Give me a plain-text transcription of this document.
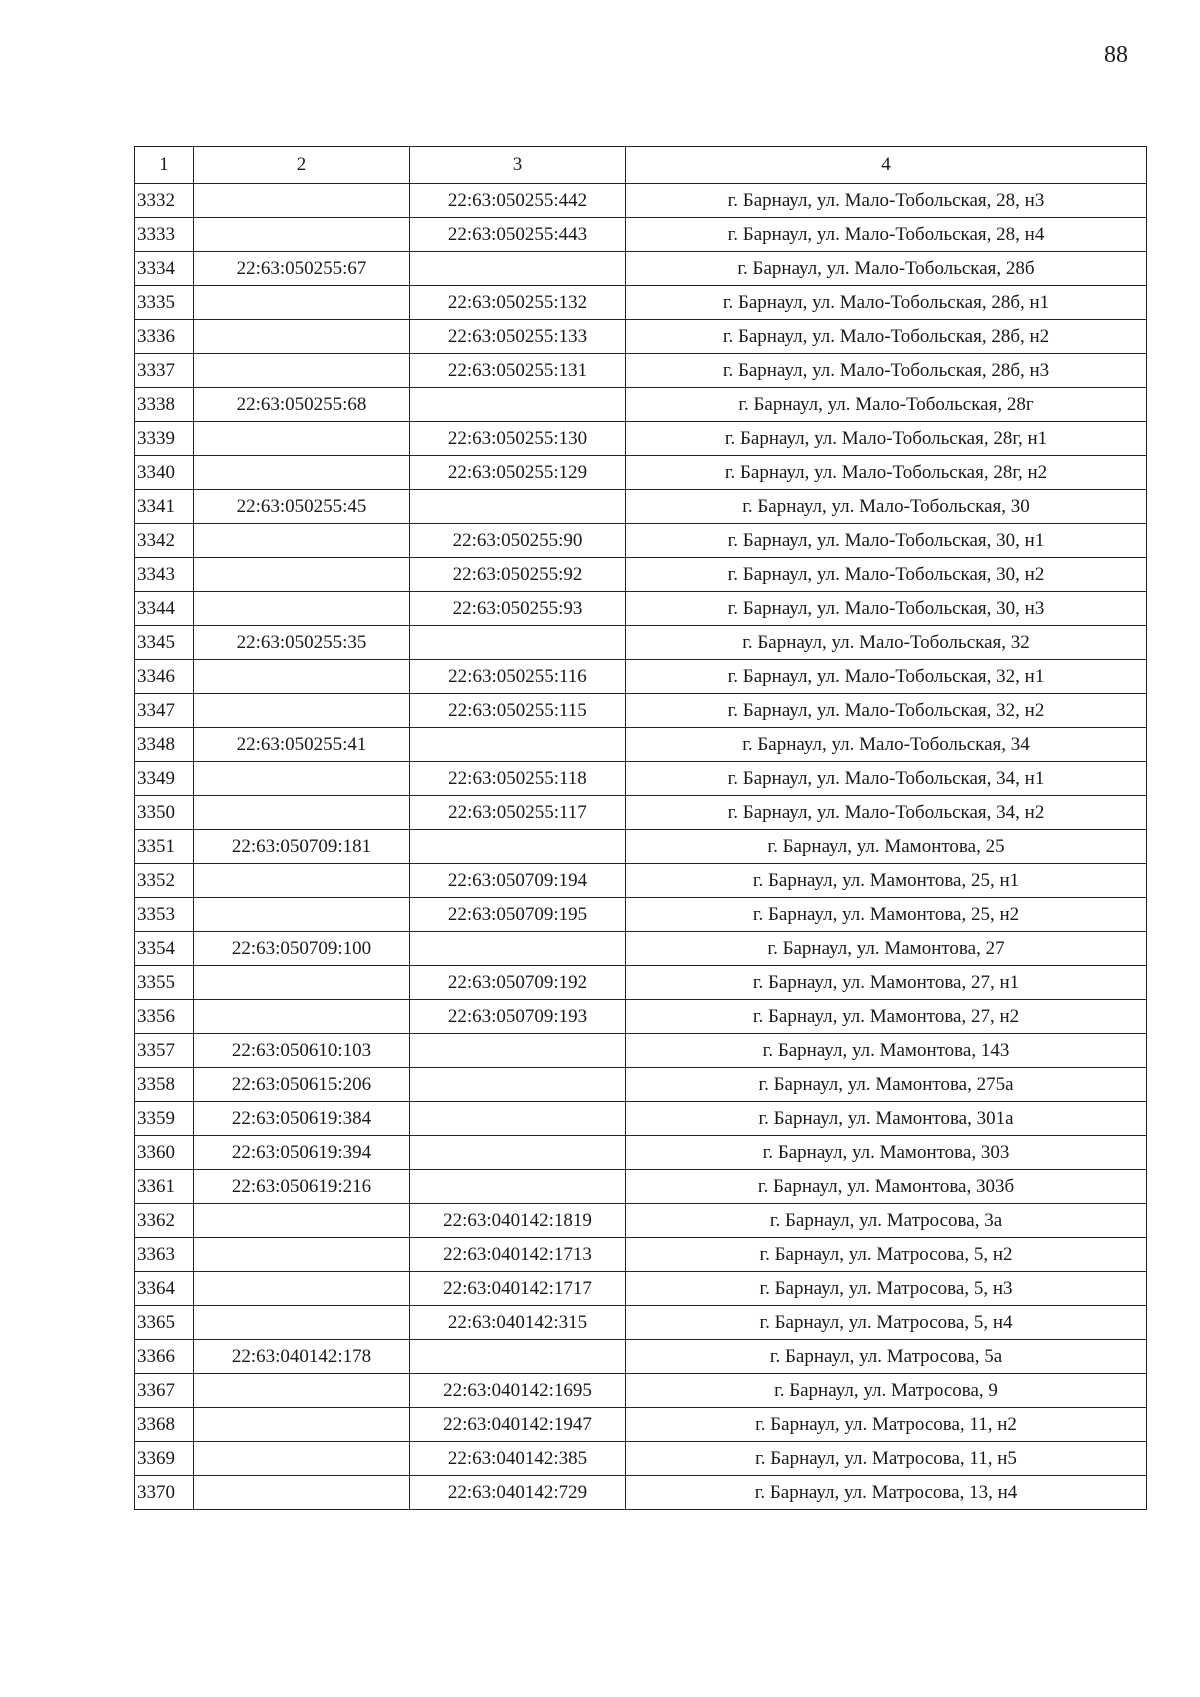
88
1	2	3	4
3332		22:63:050255:442	г. Барнаул, ул. Мало-Тобольская, 28, н3
3333		22:63:050255:443	г. Барнаул, ул. Мало-Тобольская, 28, н4
3334	22:63:050255:67		г. Барнаул, ул. Мало-Тобольская, 28б
3335		22:63:050255:132	г. Барнаул, ул. Мало-Тобольская, 28б, н1
3336		22:63:050255:133	г. Барнаул, ул. Мало-Тобольская, 28б, н2
3337		22:63:050255:131	г. Барнаул, ул. Мало-Тобольская, 28б, н3
3338	22:63:050255:68		г. Барнаул, ул. Мало-Тобольская, 28г
3339		22:63:050255:130	г. Барнаул, ул. Мало-Тобольская, 28г, н1
3340		22:63:050255:129	г. Барнаул, ул. Мало-Тобольская, 28г, н2
3341	22:63:050255:45		г. Барнаул, ул. Мало-Тобольская, 30
3342		22:63:050255:90	г. Барнаул, ул. Мало-Тобольская, 30, н1
3343		22:63:050255:92	г. Барнаул, ул. Мало-Тобольская, 30, н2
3344		22:63:050255:93	г. Барнаул, ул. Мало-Тобольская, 30, н3
3345	22:63:050255:35		г. Барнаул, ул. Мало-Тобольская, 32
3346		22:63:050255:116	г. Барнаул, ул. Мало-Тобольская, 32, н1
3347		22:63:050255:115	г. Барнаул, ул. Мало-Тобольская, 32, н2
3348	22:63:050255:41		г. Барнаул, ул. Мало-Тобольская, 34
3349		22:63:050255:118	г. Барнаул, ул. Мало-Тобольская, 34, н1
3350		22:63:050255:117	г. Барнаул, ул. Мало-Тобольская, 34, н2
3351	22:63:050709:181		г. Барнаул, ул. Мамонтова, 25
3352		22:63:050709:194	г. Барнаул, ул. Мамонтова, 25, н1
3353		22:63:050709:195	г. Барнаул, ул. Мамонтова, 25, н2
3354	22:63:050709:100		г. Барнаул, ул. Мамонтова, 27
3355		22:63:050709:192	г. Барнаул, ул. Мамонтова, 27, н1
3356		22:63:050709:193	г. Барнаул, ул. Мамонтова, 27, н2
3357	22:63:050610:103		г. Барнаул, ул. Мамонтова, 143
3358	22:63:050615:206		г. Барнаул, ул. Мамонтова, 275а
3359	22:63:050619:384		г. Барнаул, ул. Мамонтова, 301а
3360	22:63:050619:394		г. Барнаул, ул. Мамонтова, 303
3361	22:63:050619:216		г. Барнаул, ул. Мамонтова, 303б
3362		22:63:040142:1819	г. Барнаул, ул. Матросова, 3а
3363		22:63:040142:1713	г. Барнаул, ул. Матросова, 5, н2
3364		22:63:040142:1717	г. Барнаул, ул. Матросова, 5, н3
3365		22:63:040142:315	г. Барнаул, ул. Матросова, 5, н4
3366	22:63:040142:178		г. Барнаул, ул. Матросова, 5а
3367		22:63:040142:1695	г. Барнаул, ул. Матросова, 9
3368		22:63:040142:1947	г. Барнаул, ул. Матросова, 11, н2
3369		22:63:040142:385	г. Барнаул, ул. Матросова, 11, н5
3370		22:63:040142:729	г. Барнаул, ул. Матросова, 13, н4
